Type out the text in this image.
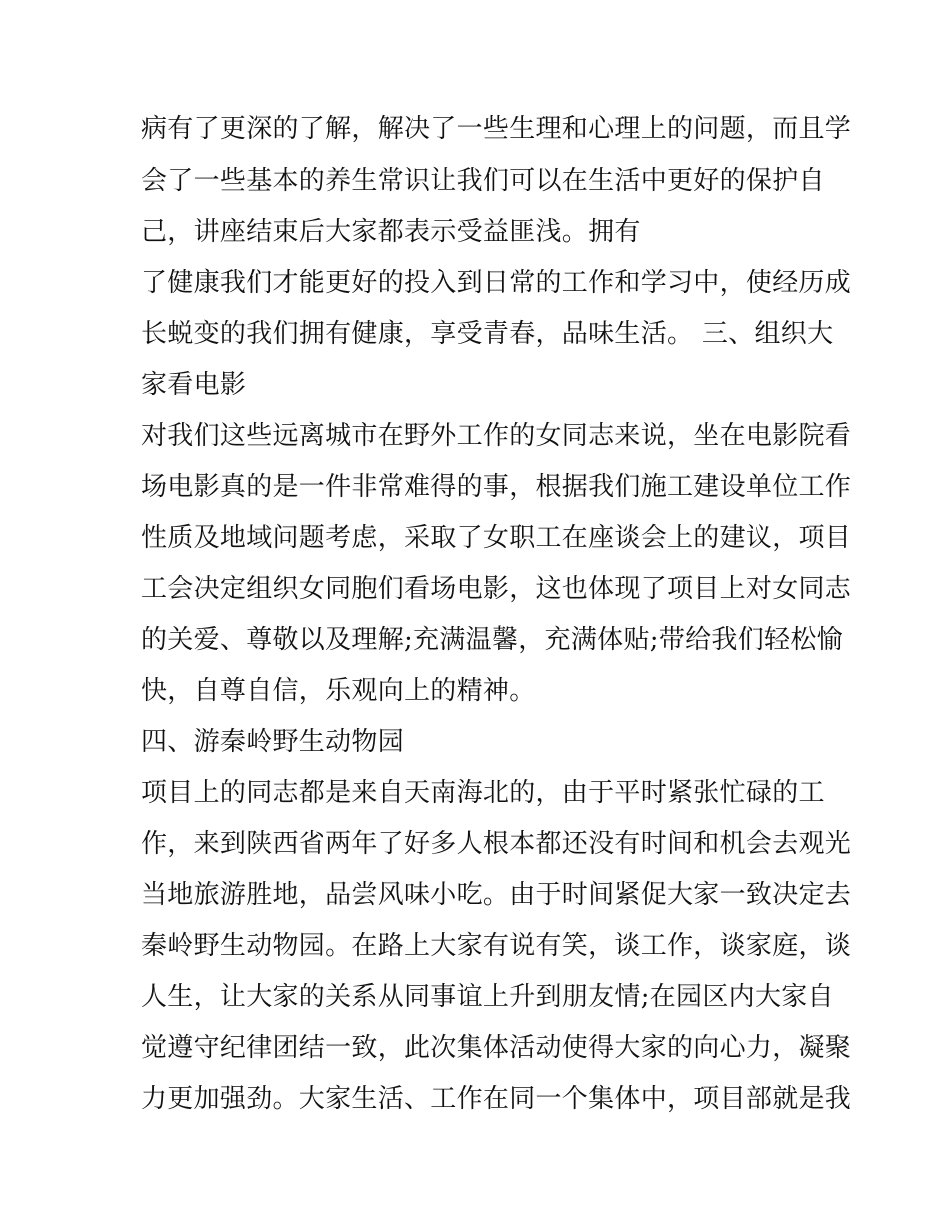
病有了更深的了解，解决了一些生理和心理上的问题，而且学
会了一些基本的养生常识让我们可以在生活中更好的保护自
己，讲座结束后大家都表示受益匪浅。拥有
了健康我们才能更好的投入到日常的工作和学习中，使经历成
长蜕变的我们拥有健康，享受青春，品味生活。 三、组织大
家看电影
对我们这些远离城市在野外工作的女同志来说，坐在电影院看
场电影真的是一件非常难得的事，根据我们施工建设单位工作
性质及地域问题考虑，采取了女职工在座谈会上的建议，项目
工会决定组织女同胞们看场电影，这也体现了项目上对女同志
的关爱、尊敬以及理解;充满温馨，充满体贴;带给我们轻松愉
快，自尊自信，乐观向上的精神。
四、游秦岭野生动物园
项目上的同志都是来自天南海北的，由于平时紧张忙碌的工
作，来到陕西省两年了好多人根本都还没有时间和机会去观光
当地旅游胜地，品尝风味小吃。由于时间紧促大家一致决定去
秦岭野生动物园。在路上大家有说有笑，谈工作，谈家庭，谈
人生，让大家的关系从同事谊上升到朋友情;在园区内大家自
觉遵守纪律团结一致，此次集体活动使得大家的向心力，凝聚
力更加强劲。大家生活、工作在同一个集体中，项目部就是我
